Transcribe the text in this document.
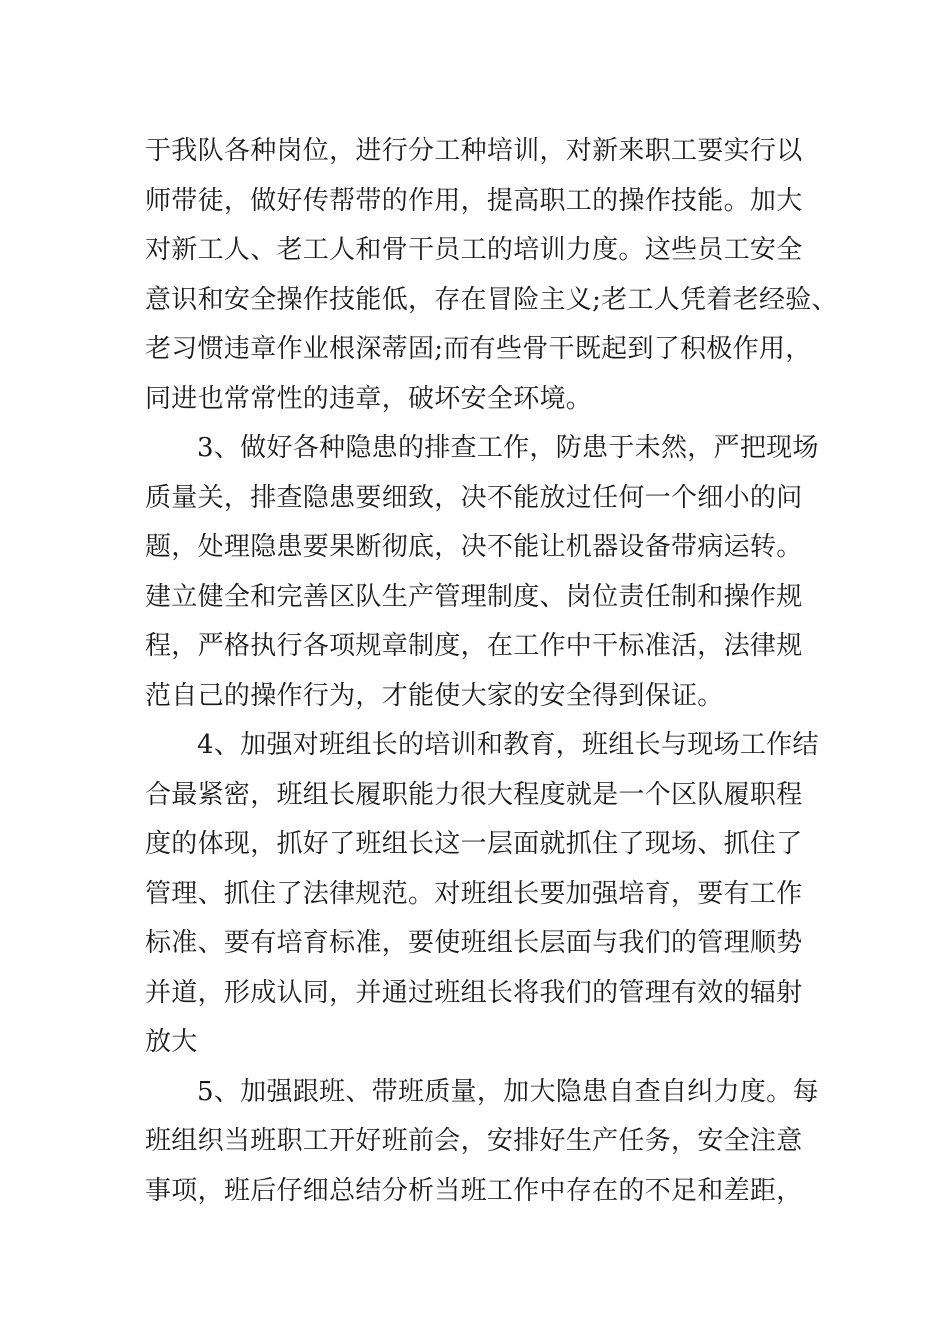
于我队各种岗位，进行分工种培训，对新来职工要实行以
师带徒，做好传帮带的作用，提高职工的操作技能。加大
对新工人、老工人和骨干员工的培训力度。这些员工安全
意识和安全操作技能低，存在冒险主义;老工人凭着老经验、
老习惯违章作业根深蒂固;而有些骨干既起到了积极作用，
同进也常常性的违章，破坏安全环境。
3、做好各种隐患的排查工作，防患于未然，严把现场
质量关，排查隐患要细致，决不能放过任何一个细小的问
题，处理隐患要果断彻底，决不能让机器设备带病运转。
建立健全和完善区队生产管理制度、岗位责任制和操作规
程，严格执行各项规章制度，在工作中干标准活，法律规
范自己的操作行为，才能使大家的安全得到保证。
4、加强对班组长的培训和教育，班组长与现场工作结
合最紧密，班组长履职能力很大程度就是一个区队履职程
度的体现，抓好了班组长这一层面就抓住了现场、抓住了
管理、抓住了法律规范。对班组长要加强培育，要有工作
标准、要有培育标准，要使班组长层面与我们的管理顺势
并道，形成认同，并通过班组长将我们的管理有效的辐射
放大
5、加强跟班、带班质量，加大隐患自查自纠力度。每
班组织当班职工开好班前会，安排好生产任务，安全注意
事项，班后仔细总结分析当班工作中存在的不足和差距，
